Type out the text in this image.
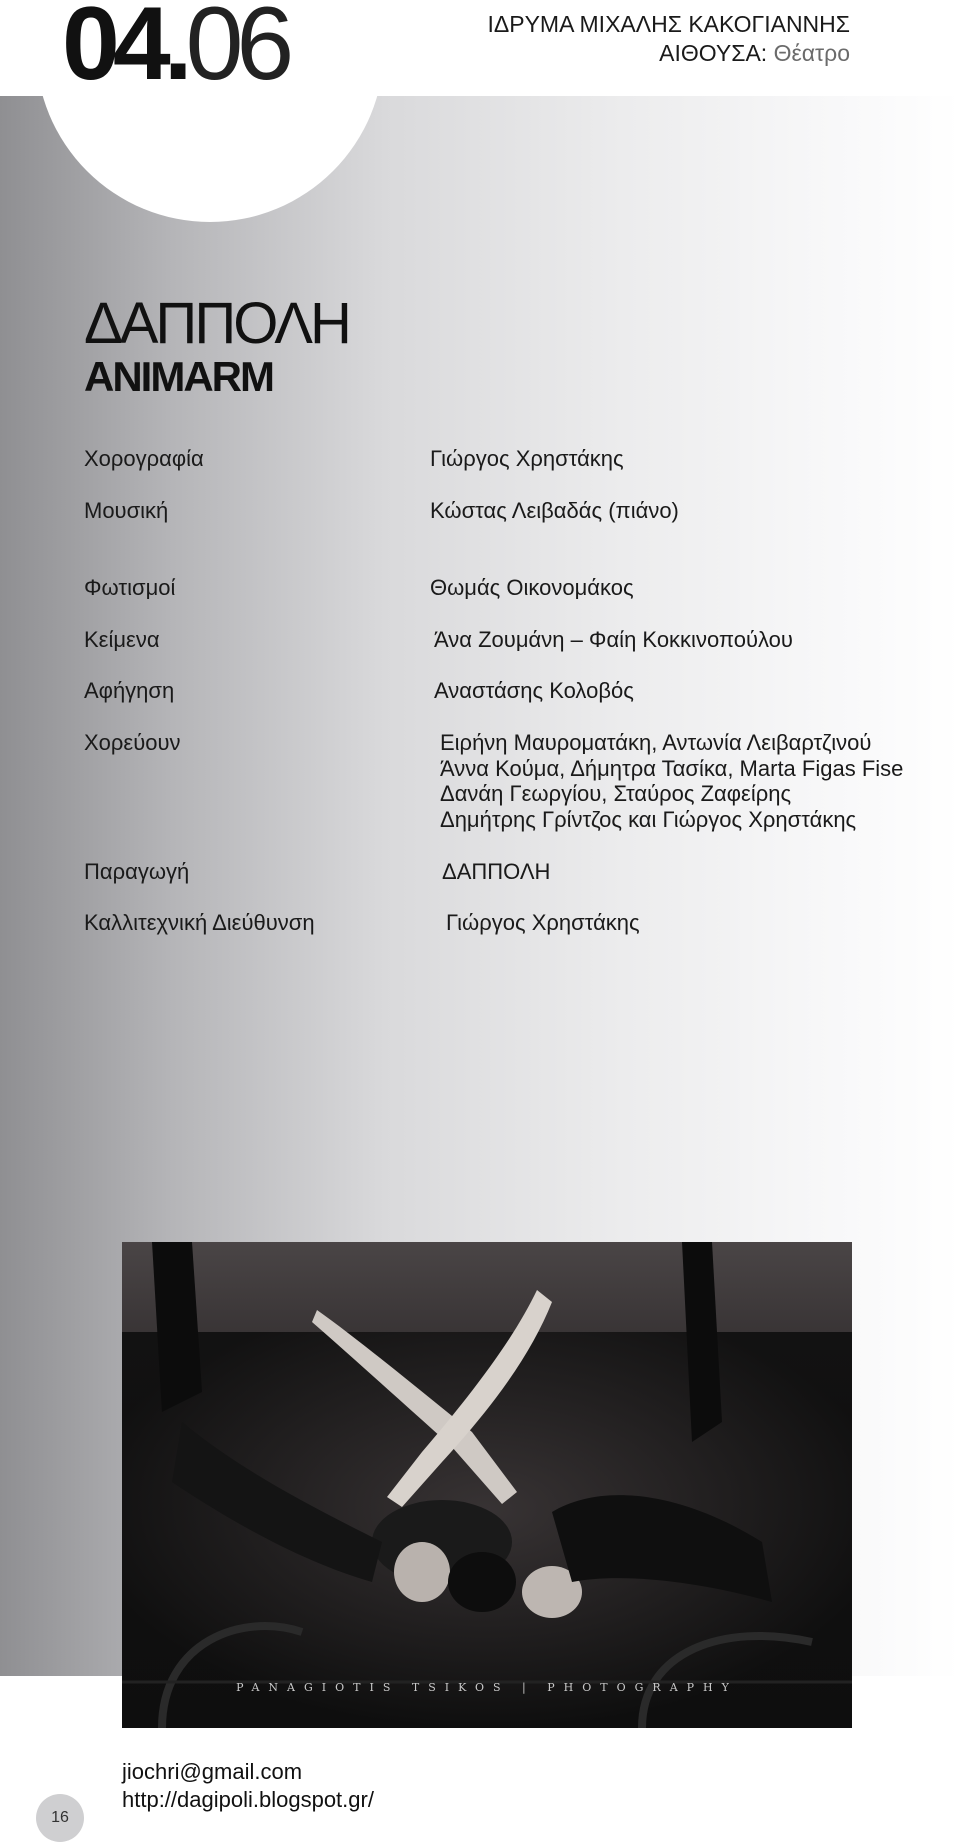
04.06	ΙΔΡΥΜΑ ΜΙΧΑΛΗΣ ΚΑΚΟΓΙΑΝΝΗΣ
ΑΙΘΟΥΣΑ: Θέατρο
ΔΑΠΠΟΛΗ
ANIMARM
Χορογραφία	Γιώργος Χρηστάκης
Μουσική	Κώστας Λειβαδάς (πιάνο)
Φωτισμοί	Θωμάς Οικονομάκος
Κείμενα	Άνα Ζουμάνη – Φαίη Κοκκινοπούλου
Αφήγηση	Αναστάσης Κολοβός
Χορεύουν	Ειρήνη Μαυροματάκη, Αντωνία Λειβαρτζινού
Άννα Κούμα, Δήμητρα Τασίκα, Marta Figas Fise
Δανάη Γεωργίου, Σταύρος Ζαφείρης
Δημήτρης Γρίντζος και Γιώργος Χρηστάκης
Παραγωγή	ΔΑΠΠΟΛΗ
Καλλιτεχνική Διεύθυνση	Γιώργος Χρηστάκης
PANAGIOTIS TSIKOS | PHOTOGRAPHY
jiochri@gmail.com
http://dagipoli.blogspot.gr/
16
